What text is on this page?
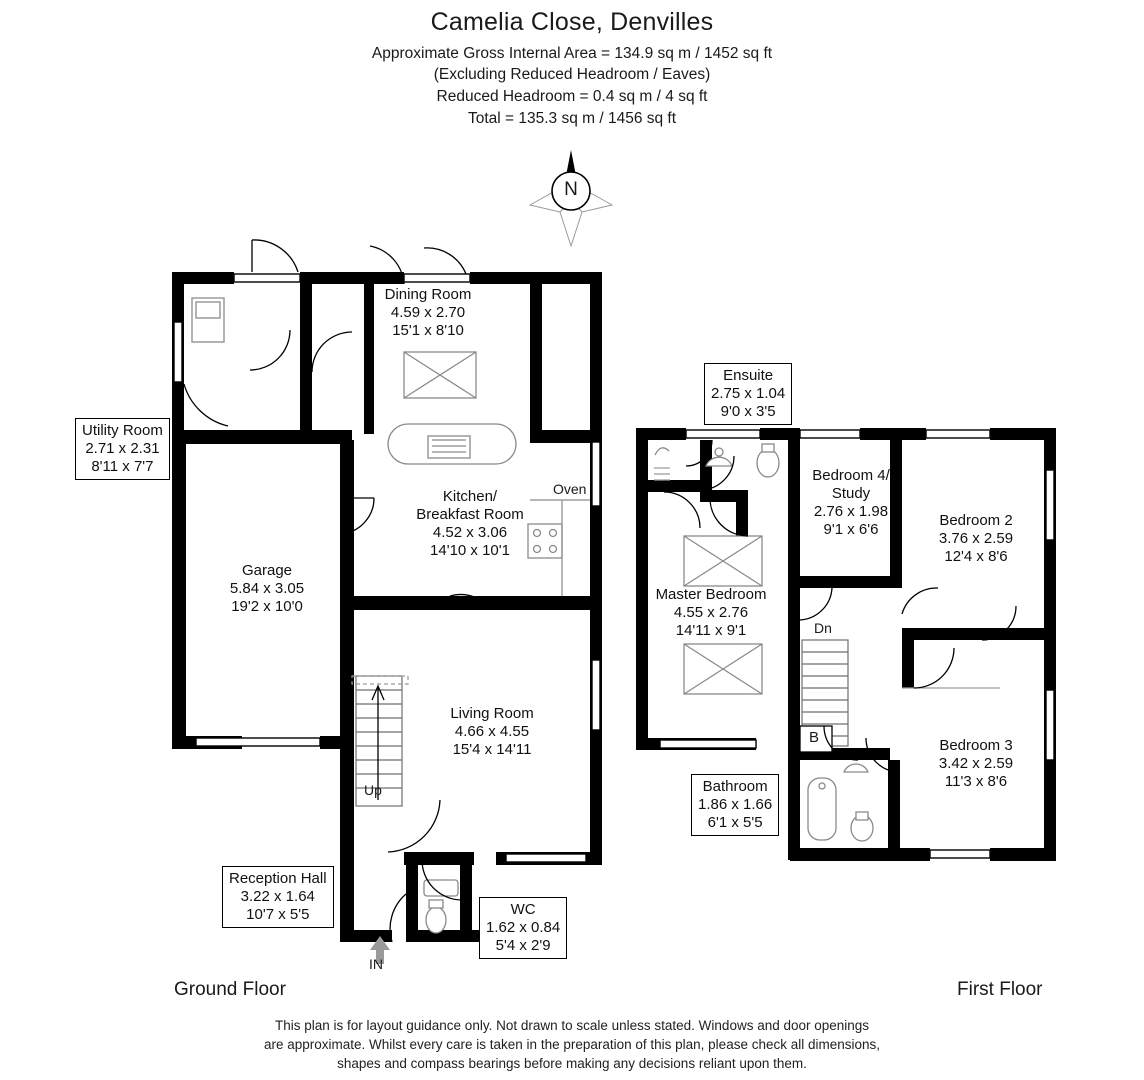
Camelia Close, Denvilles
Approximate Gross Internal Area = 134.9 sq m / 1452 sq ft
(Excluding Reduced Headroom / Eaves)
Reduced Headroom = 0.4 sq m / 4 sq ft
Total = 135.3 sq m / 1456 sq ft
Dining Room
4.59 x 2.70
15'1 x 8'10
Utility Room
2.71 x 2.31
8'11 x 7'7
Kitchen/
Breakfast Room
4.52 x 3.06
14'10 x 10'1
Garage
5.84 x 3.05
19'2 x 10'0
Living Room
4.66 x 4.55
15'4 x 14'11
Reception Hall
3.22 x 1.64
10'7 x 5'5	WC
1.62 x 0.84
5'4 x 2'9
Ensuite
2.75 x 1.04
9'0 x 3'5
Bedroom 4/
Study
2.76 x 1.98
9'1 x 6'6
Bedroom 2
3.76 x 2.59
12'4 x 8'6
Master Bedroom
4.55 x 2.76
14'11 x 9'1
Bedroom 3
3.42 x 2.59
11'3 x 8'6
Bathroom
1.86 x 1.66
6'1 x 5'5
Oven
Up
IN
Dn
B
Ground Floor	First Floor
This plan is for layout guidance only. Not drawn to scale unless stated. Windows and door openings
are approximate. Whilst every care is taken in the preparation of this plan, please check all dimensions,
shapes and compass bearings before making any decisions reliant upon them.
N
